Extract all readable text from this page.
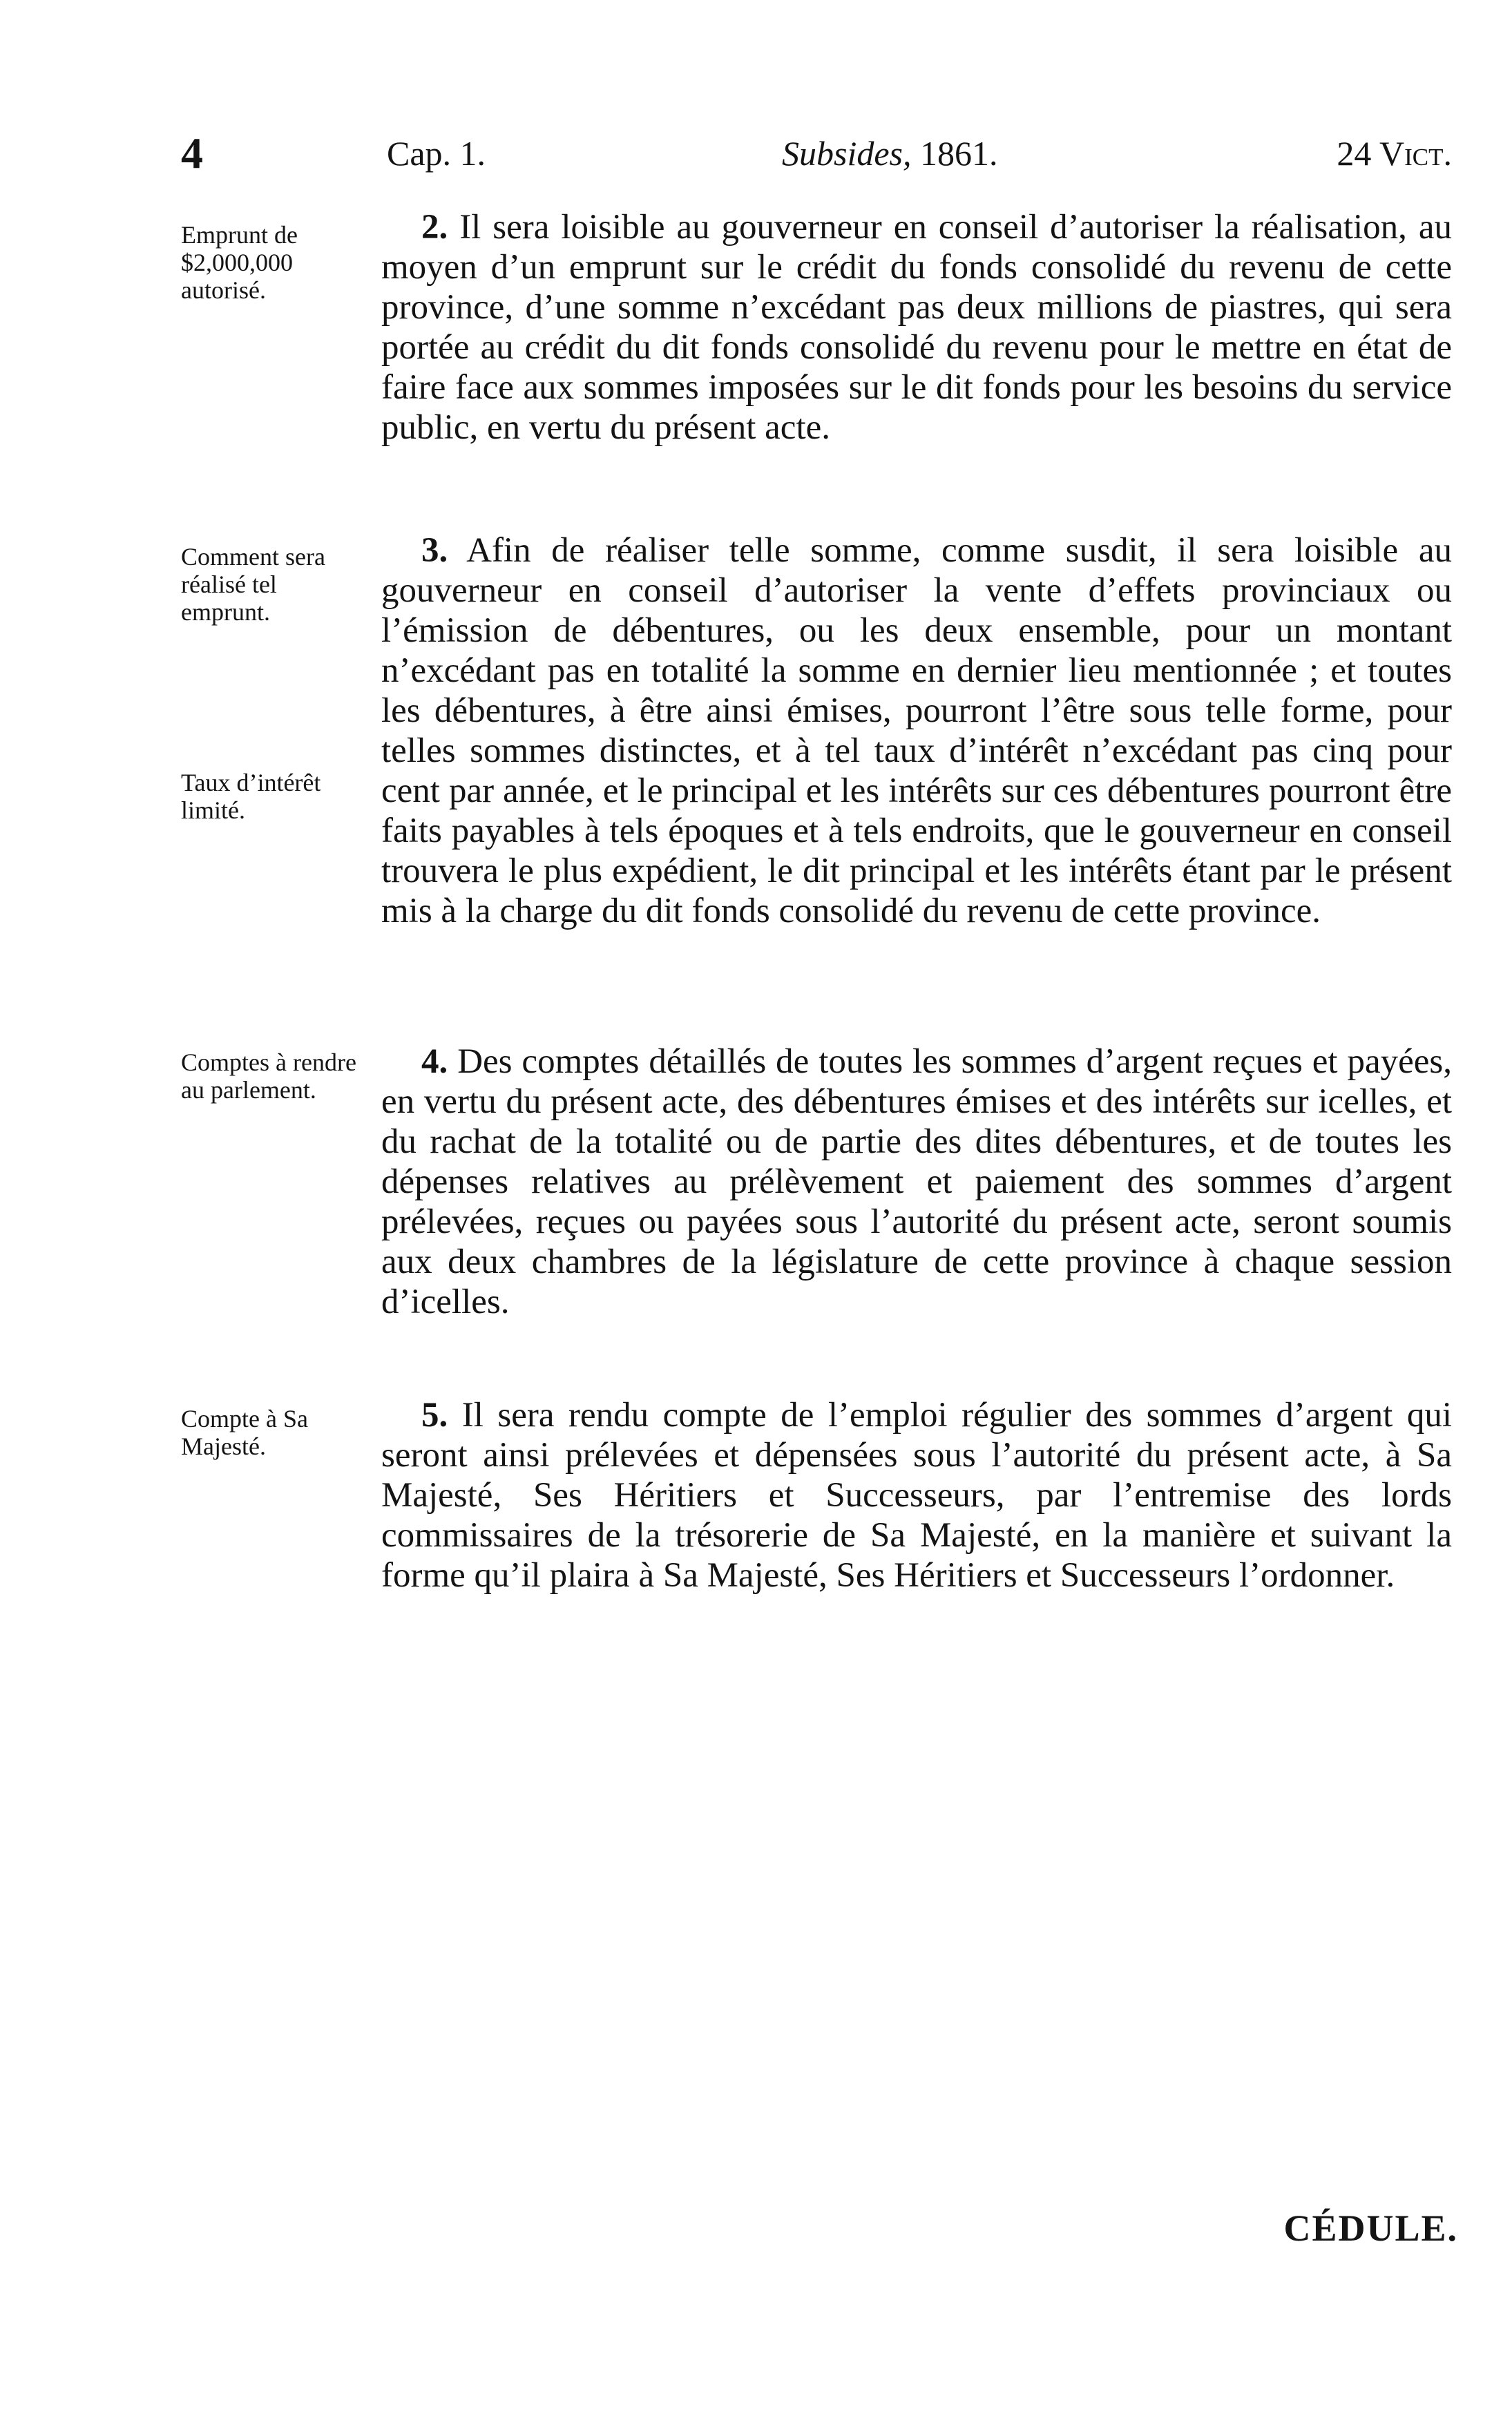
4	Cap. 1.	Subsides, 1861.	24 Vict.

Emprunt de $2,000,000 autorisé.

2. Il sera loisible au gouverneur en conseil d’autoriser la réalisation, au moyen d’un emprunt sur le crédit du fonds consolidé du revenu de cette province, d’une somme n’excédant pas deux millions de piastres, qui sera portée au crédit du dit fonds consolidé du revenu pour le mettre en état de faire face aux sommes imposées sur le dit fonds pour les besoins du service public, en vertu du présent acte.

Comment sera réalisé tel emprunt.

Taux d’intérêt limité.

3. Afin de réaliser telle somme, comme susdit, il sera loisible au gouverneur en conseil d’autoriser la vente d’effets provinciaux ou l’émission de débentures, ou les deux ensemble, pour un montant n’excédant pas en totalité la somme en dernier lieu mentionnée ; et toutes les débentures, à être ainsi émises, pourront l’être sous telle forme, pour telles sommes distinctes, et à tel taux d’intérêt n’excédant pas cinq pour cent par année, et le principal et les intérêts sur ces débentures pourront être faits payables à tels époques et à tels endroits, que le gouverneur en conseil trouvera le plus expédient, le dit principal et les intérêts étant par le présent mis à la charge du dit fonds consolidé du revenu de cette province.

Comptes à rendre au parlement.

4. Des comptes détaillés de toutes les sommes d’argent reçues et payées, en vertu du présent acte, des débentures émises et des intérêts sur icelles, et du rachat de la totalité ou de partie des dites débentures, et de toutes les dépenses relatives au prélèvement et paiement des sommes d’argent prélevées, reçues ou payées sous l’autorité du présent acte, seront soumis aux deux chambres de la législature de cette province à chaque session d’icelles.

Compte à Sa Majesté.

5. Il sera rendu compte de l’emploi régulier des sommes d’argent qui seront ainsi prélevées et dépensées sous l’autorité du présent acte, à Sa Majesté, Ses Héritiers et Successeurs, par l’entremise des lords commissaires de la trésorerie de Sa Majesté, en la manière et suivant la forme qu’il plaira à Sa Majesté, Ses Héritiers et Successeurs l’ordonner.

CÉDULE.
